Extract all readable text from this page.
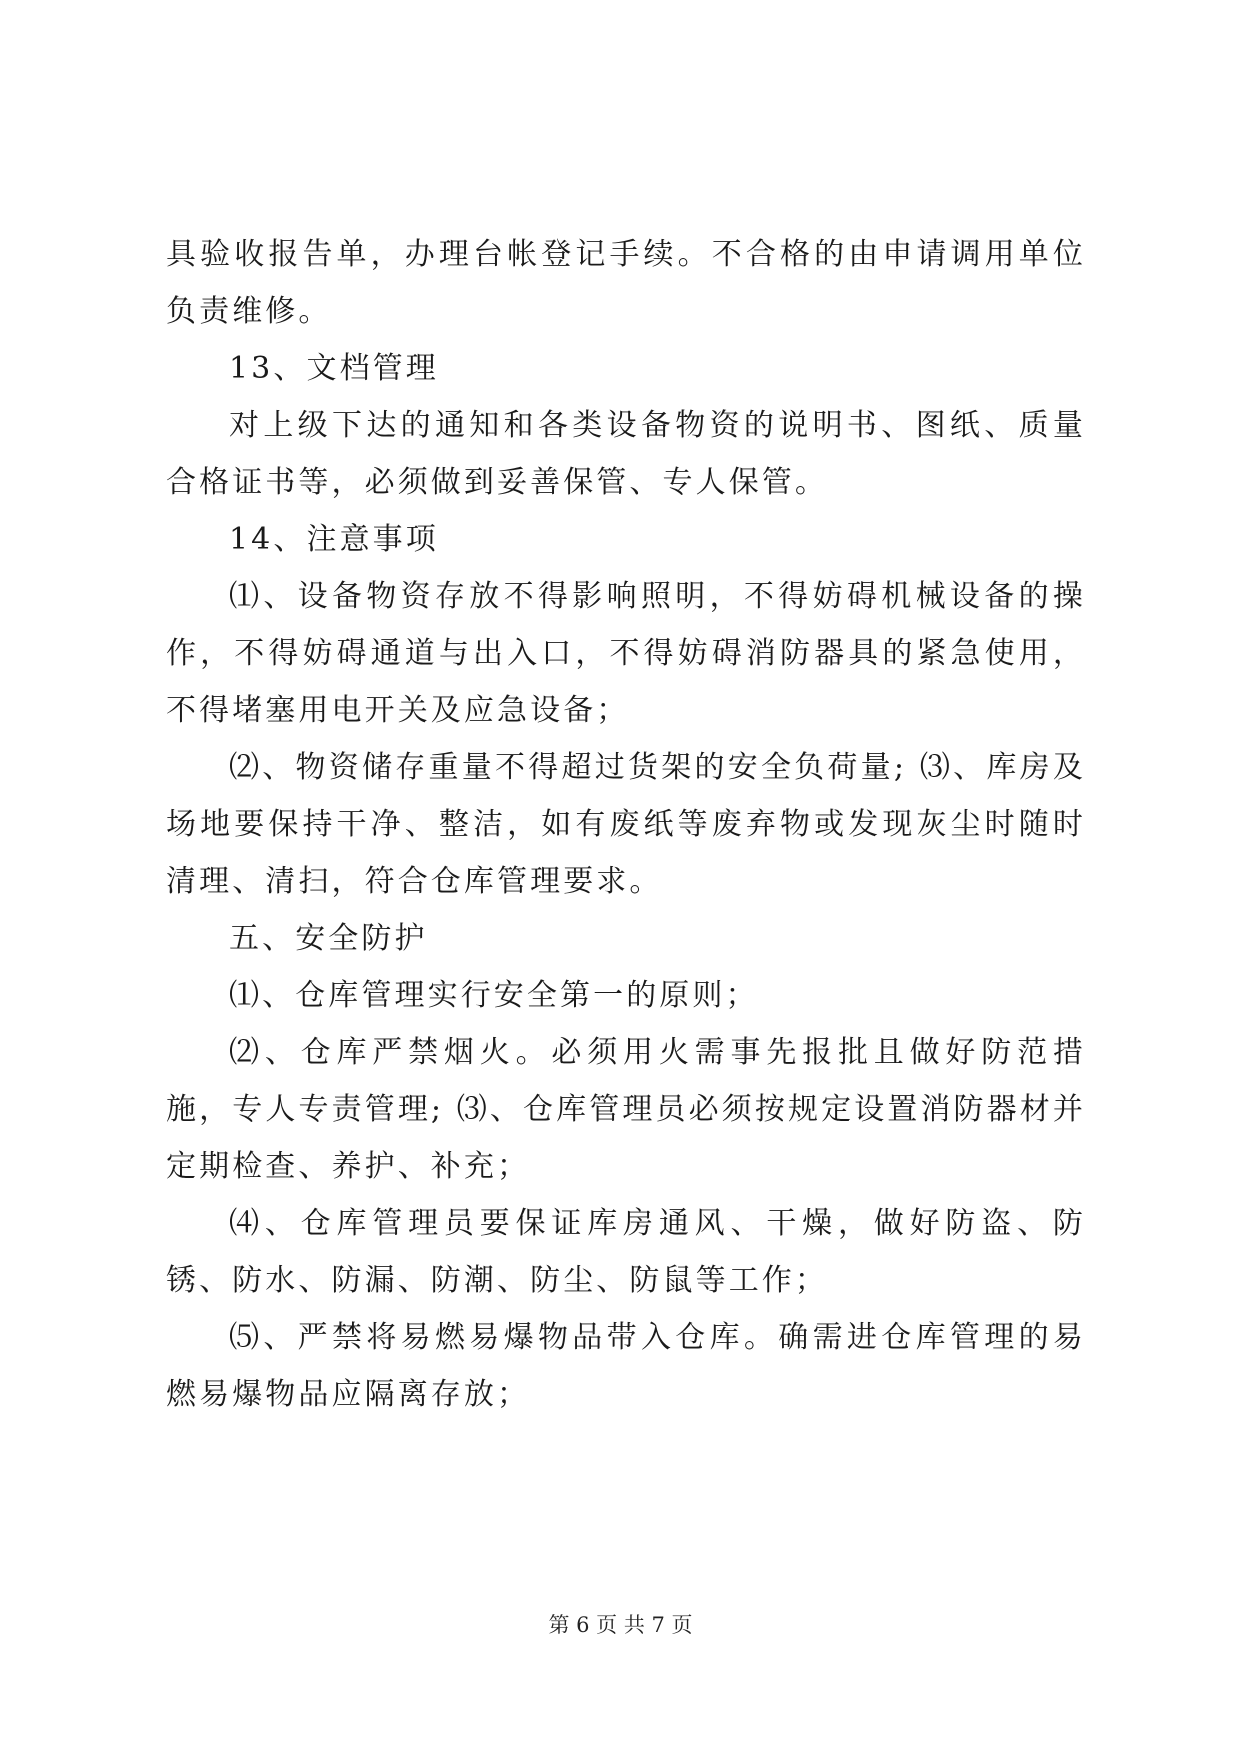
具验收报告单，办理台帐登记手续。不合格的由申请调用单位负责维修。

13、文档管理

对上级下达的通知和各类设备物资的说明书、图纸、质量合格证书等，必须做到妥善保管、专人保管。

14、注意事项

⑴、设备物资存放不得影响照明，不得妨碍机械设备的操作，不得妨碍通道与出入口，不得妨碍消防器具的紧急使用，不得堵塞用电开关及应急设备；

⑵、物资储存重量不得超过货架的安全负荷量; ⑶、库房及场地要保持干净、整洁，如有废纸等废弃物或发现灰尘时随时清理、清扫，符合仓库管理要求。

五、安全防护

⑴、仓库管理实行安全第一的原则；

⑵、仓库严禁烟火。必须用火需事先报批且做好防范措施，专人专责管理; ⑶、仓库管理员必须按规定设置消防器材并定期检查、养护、补充；

⑷、仓库管理员要保证库房通风、干燥，做好防盗、防锈、防水、防漏、防潮、防尘、防鼠等工作；

⑸、严禁将易燃易爆物品带入仓库。确需进仓库管理的易燃易爆物品应隔离存放；

第 6 页 共 7 页
